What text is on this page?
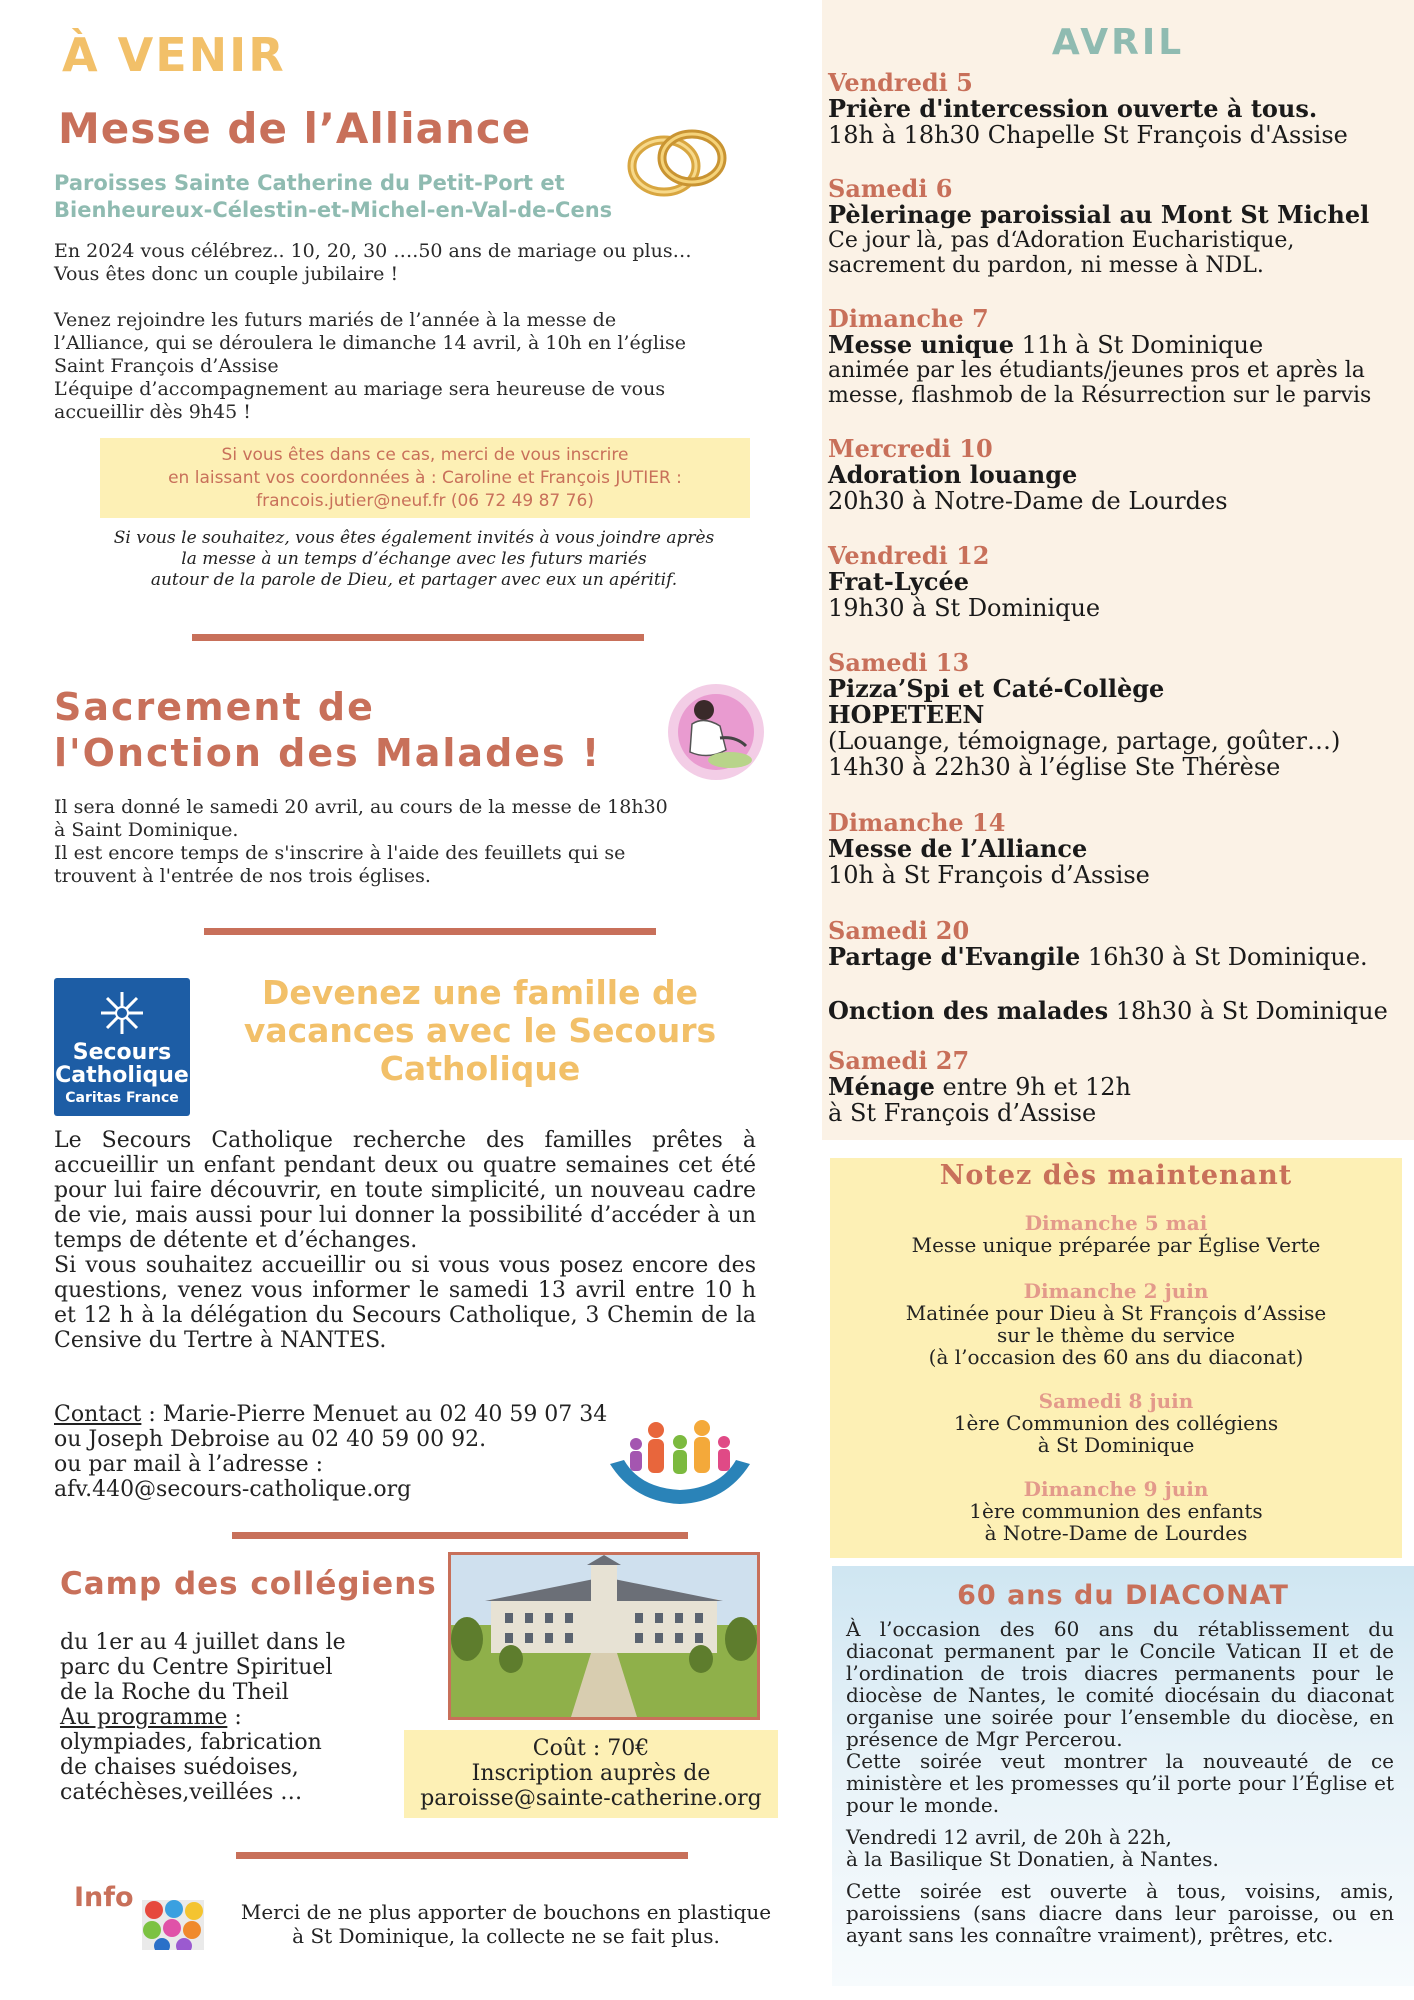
À VENIR
Messe de l’Alliance
Paroisses Sainte Catherine du Petit-Port et
Bienheureux-Célestin-et-Michel-en-Val-de-Cens
En 2024 vous célébrez.. 10, 20, 30 ….50 ans de mariage ou plus…
Vous êtes donc un couple jubilaire !

Venez rejoindre les futurs mariés de l’année à la messe de
l’Alliance, qui se déroulera le dimanche 14 avril, à 10h en l’église
Saint François d’Assise
L’équipe d’accompagnement au mariage sera heureuse de vous
accueillir dès 9h45 !
Si vous êtes dans ce cas, merci de vous inscrire
en laissant vos coordonnées à : Caroline et François JUTIER :
francois.jutier@neuf.fr (06 72 49 87 76)
Si vous le souhaitez, vous êtes également invités à vous joindre après
la messe à un temps d’échange avec les futurs mariés
autour de la parole de Dieu, et partager avec eux un apéritif.
Sacrement de
l'Onction des Malades !
Il sera donné le samedi 20 avril, au cours de la messe de 18h30
à Saint Dominique.
Il est encore temps de s'inscrire à l'aide des feuillets qui se
trouvent à l'entrée de nos trois églises.
Secours
Catholique
Caritas France
Devenez une famille de
vacances avec le Secours
Catholique

Le Secours Catholique recherche des familles prêtes à accueillir un enfant pendant deux ou quatre semaines cet été pour lui faire découvrir, en toute simplicité, un nouveau cadre de vie, mais aussi pour lui donner la possibilité d’accéder à un temps de détente et d’échanges.

Si vous souhaitez accueillir ou si vous vous posez encore des questions, venez vous informer le samedi 13 avril entre 10 h et 12 h à la délégation du Secours Catholique, 3 Chemin de la Censive du Tertre à NANTES.

Contact : Marie-Pierre Menuet au 02 40 59 07 34
ou Joseph Debroise au 02 40 59 00 92.
ou par mail à l’adresse :
afv.440@secours-catholique.org
Camp des collégiens
du 1er au 4 juillet dans le
parc du Centre Spirituel
de la Roche du Theil
Au programme :
olympiades, fabrication
de chaises suédoises,
catéchèses,veillées …
Coût : 70€
Inscription auprès de
paroisse@sainte-catherine.org
Info	Merci de ne plus apporter de bouchons en plastique
à St Dominique, la collecte ne se fait plus.
AVRIL
Vendredi 5
Prière d'intercession ouverte à tous.
18h à 18h30 Chapelle St François d'Assise
Samedi 6
Pèlerinage paroissial au Mont St Michel
Ce jour là, pas d‘Adoration Eucharistique,
sacrement du pardon, ni messe à NDL.
Dimanche 7
Messe unique 11h à St Dominique
animée par les étudiants/jeunes pros et après la
messe, flashmob de la Résurrection sur le parvis
Mercredi 10
Adoration louange
20h30 à Notre-Dame de Lourdes
Vendredi 12
Frat-Lycée
19h30 à St Dominique
Samedi 13
Pizza’Spi et Caté-Collège
HOPETEEN
(Louange, témoignage, partage, goûter…)
14h30 à 22h30 à l’église Ste Thérèse
Dimanche 14
Messe de l’Alliance
10h à St François d’Assise
Samedi 20
Partage d'Evangile 16h30 à St Dominique.
Onction des malades 18h30 à St Dominique
Samedi 27
Ménage entre 9h et 12h
à St François d’Assise
Notez dès maintenant
Dimanche 5 mai
Messe unique préparée par Église Verte
Dimanche 2 juin
Matinée pour Dieu à St François d’Assise
sur le thème du service
(à l’occasion des 60 ans du diaconat)
Samedi 8 juin
1ère Communion des collégiens
à St Dominique
Dimanche 9 juin
1ère communion des enfants
à Notre-Dame de Lourdes
60 ans du DIACONAT

À l’occasion des 60 ans du rétablissement du diaconat permanent par le Concile Vatican II et de l’ordination de trois diacres permanents pour le diocèse de Nantes, le comité diocésain du diaconat organise une soirée pour l’ensemble du diocèse, en présence de Mgr Percerou.

Cette soirée veut montrer la nouveauté de ce ministère et les promesses qu’il porte pour l’Église et pour le monde.

Vendredi 12 avril, de 20h à 22h,

à la Basilique St Donatien, à Nantes.

Cette soirée est ouverte à tous, voisins, amis, paroissiens (sans diacre dans leur paroisse, ou en ayant sans les connaître vraiment), prêtres, etc.
